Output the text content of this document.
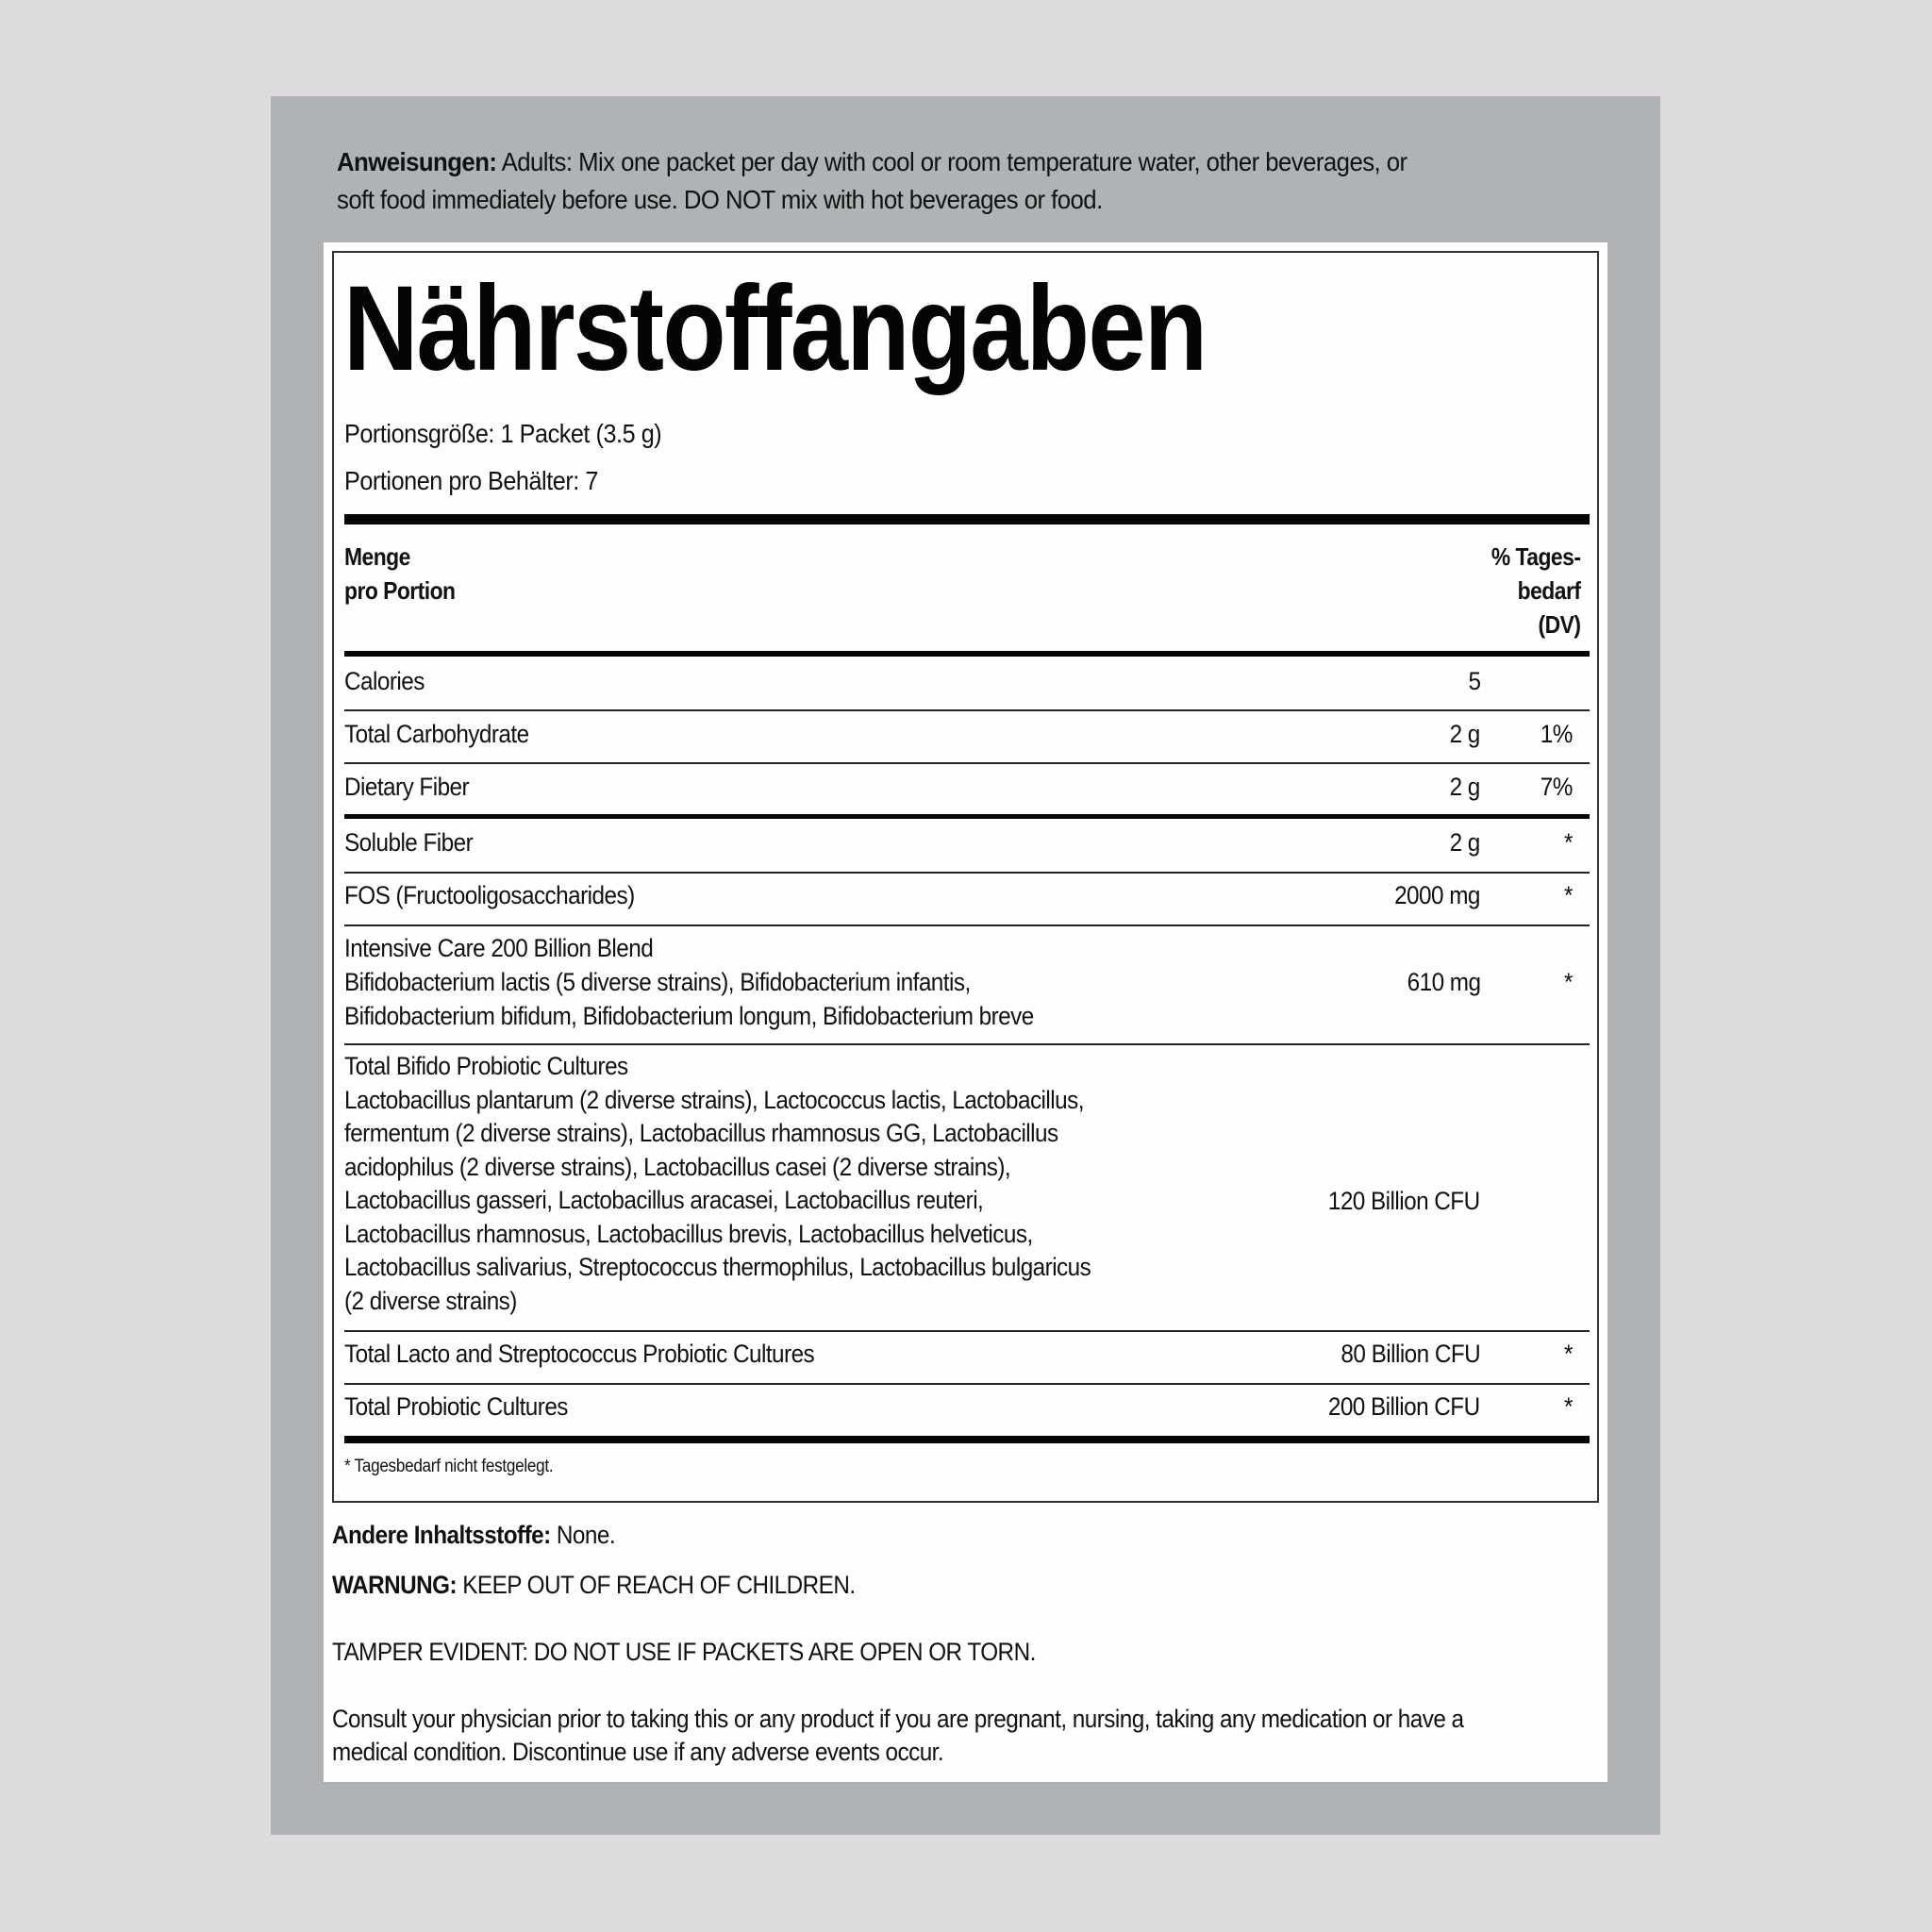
Anweisungen: Adults: Mix one packet per day with cool or room temperature water, other beverages, or
soft food immediately before use. DO NOT mix with hot beverages or food.
Nährstoffangaben
Portionsgröße: 1 Packet (3.5 g)
Portionen pro Behälter: 7
Menge
pro Portion
% Tages-
bedarf
(DV)
Calories	5
Total Carbohydrate	2 g 1%
Dietary Fiber	2 g 7%
Soluble Fiber	2 g	*
FOS (Fructooligosaccharides)	2000 mg	*
Intensive Care 200 Billion Blend
Bifidobacterium lactis (5 diverse strains), Bifidobacterium infantis,
Bifidobacterium bifidum, Bifidobacterium longum, Bifidobacterium breve
610 mg	*
Total Bifido Probiotic Cultures
Lactobacillus plantarum (2 diverse strains), Lactococcus lactis, Lactobacillus,
fermentum (2 diverse strains), Lactobacillus rhamnosus GG, Lactobacillus
acidophilus (2 diverse strains), Lactobacillus casei (2 diverse strains),
Lactobacillus gasseri, Lactobacillus aracasei, Lactobacillus reuteri,
Lactobacillus rhamnosus, Lactobacillus brevis, Lactobacillus helveticus,
Lactobacillus salivarius, Streptococcus thermophilus, Lactobacillus bulgaricus
(2 diverse strains)
120 Billion CFU
Total Lacto and Streptococcus Probiotic Cultures	80 Billion CFU	*
Total Probiotic Cultures	200 Billion CFU	*
* Tagesbedarf nicht festgelegt.
Andere Inhaltsstoffe: None.
WARNUNG: KEEP OUT OF REACH OF CHILDREN.
TAMPER EVIDENT: DO NOT USE IF PACKETS ARE OPEN OR TORN.
Consult your physician prior to taking this or any product if you are pregnant, nursing, taking any medication or have a
medical condition. Discontinue use if any adverse events occur.
